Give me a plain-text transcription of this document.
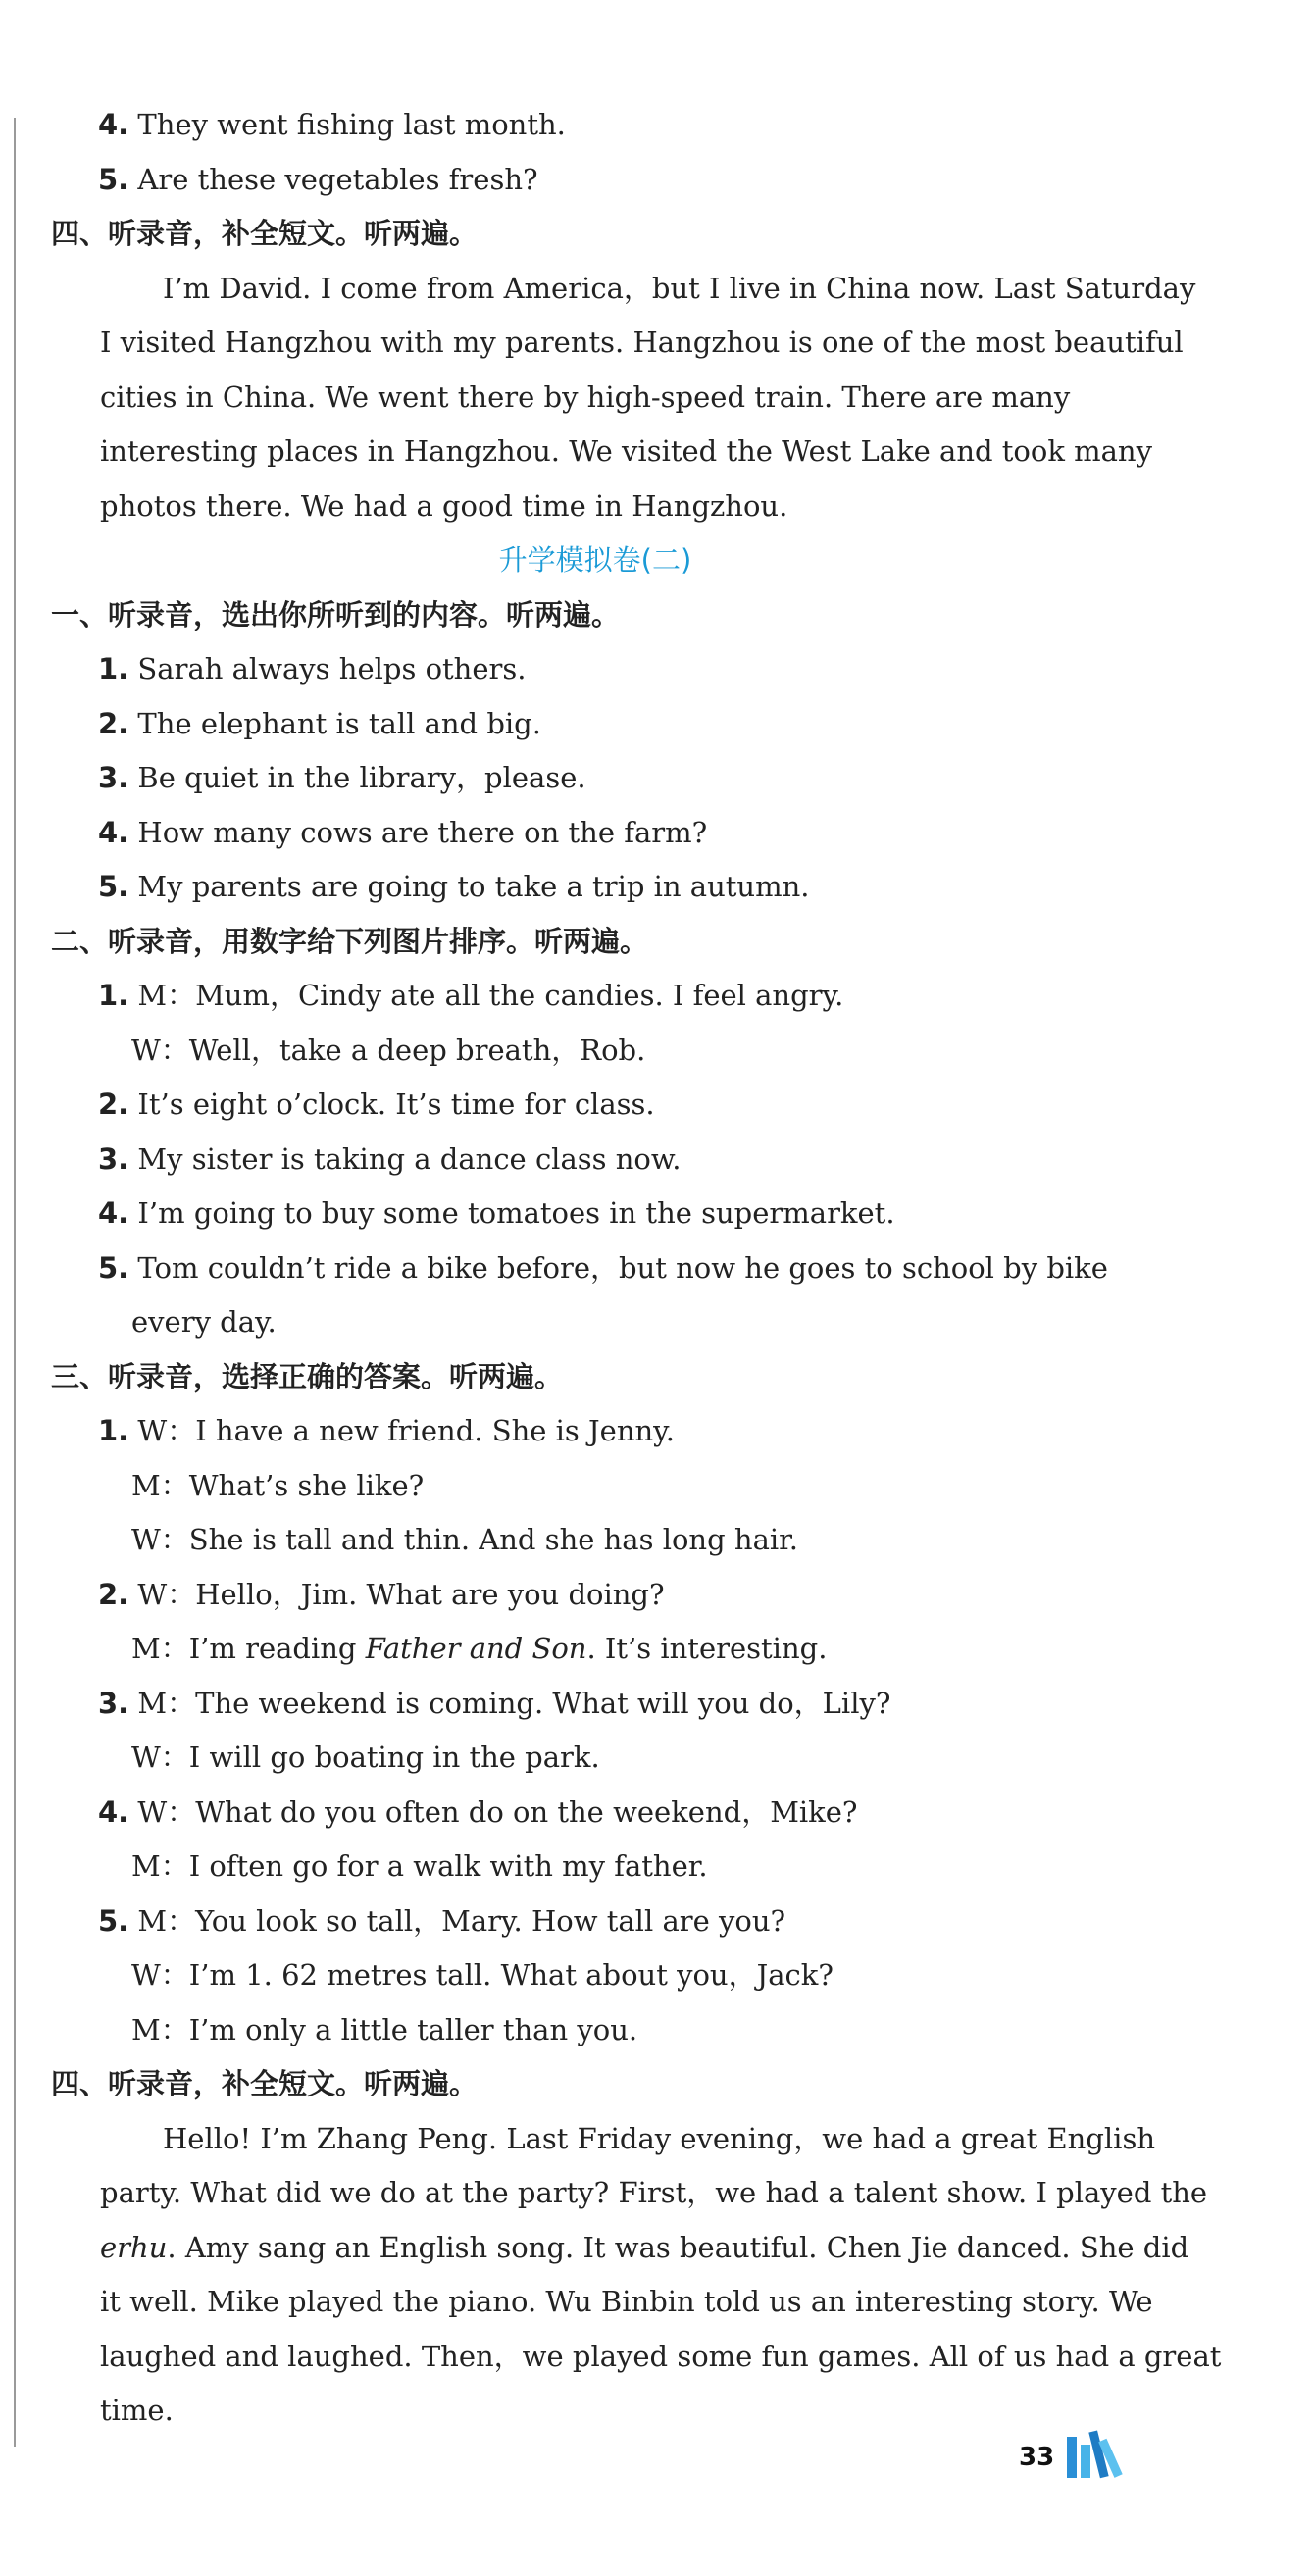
4. They went fishing last month.
5. Are these vegetables fresh?
四、听录音，补全短文。听两遍。
I’m David. I come from America，but I live in China now. Last Saturday
I visited Hangzhou with my parents. Hangzhou is one of the most beautiful
cities in China. We went there by high-speed train. There are many
interesting places in Hangzhou. We visited the West Lake and took many
photos there. We had a good time in Hangzhou.
升学模拟卷(二)
一、听录音，选出你所听到的内容。听两遍。
1. Sarah always helps others.
2. The elephant is tall and big.
3. Be quiet in the library，please.
4. How many cows are there on the farm?
5. My parents are going to take a trip in autumn.
二、听录音，用数字给下列图片排序。听两遍。
1. M：Mum，Cindy ate all the candies. I feel angry.
W：Well，take a deep breath，Rob.
2. It’s eight o’clock. It’s time for class.
3. My sister is taking a dance class now.
4. I’m going to buy some tomatoes in the supermarket.
5. Tom couldn’t ride a bike before，but now he goes to school by bike
every day.
三、听录音，选择正确的答案。听两遍。
1. W：I have a new friend. She is Jenny.
M：What’s she like?
W：She is tall and thin. And she has long hair.
2. W：Hello，Jim. What are you doing?
M：I’m reading Father and Son. It’s interesting.
3. M：The weekend is coming. What will you do，Lily?
W：I will go boating in the park.
4. W：What do you often do on the weekend，Mike?
M：I often go for a walk with my father.
5. M：You look so tall，Mary. How tall are you?
W：I’m 1. 62 metres tall. What about you，Jack?
M：I’m only a little taller than you.
四、听录音，补全短文。听两遍。
Hello! I’m Zhang Peng. Last Friday evening，we had a great English
party. What did we do at the party? First，we had a talent show. I played the
erhu. Amy sang an English song. It was beautiful. Chen Jie danced. She did
it well. Mike played the piano. Wu Binbin told us an interesting story. We
laughed and laughed. Then，we played some fun games. All of us had a great
time.
33
